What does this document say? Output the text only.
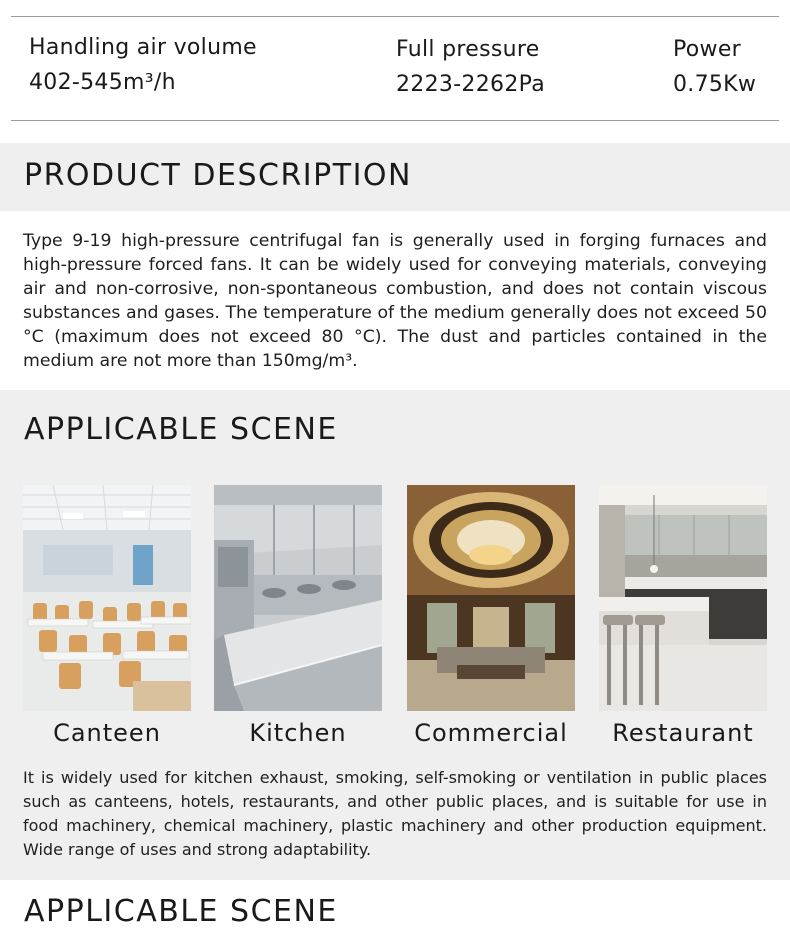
Handling air volume
402-545m³/h
Full pressure
2223-2262Pa
Power
0.75Kw
PRODUCT DESCRIPTION

Type 9-19 high-pressure centrifugal fan is generally used in forging furnaces and high-pressure forced fans. It can be widely used for conveying materials, conveying air and non-corrosive, non-spontaneous combustion, and does not contain viscous substances and gases. The temperature of the medium generally does not exceed 50 °C (maximum does not exceed 80 °C). The dust and particles contained in the medium are not more than 150mg/m³.

APPLICABLE SCENE
Canteen	Kitchen	Commercial	Restaurant

It is widely used for kitchen exhaust, smoking, self-smoking or ventilation in public places such as canteens, hotels, restaurants, and other public places, and is suitable for use in food machinery, chemical machinery, plastic machinery and other production equipment. Wide range of uses and strong adaptability.

APPLICABLE SCENE
